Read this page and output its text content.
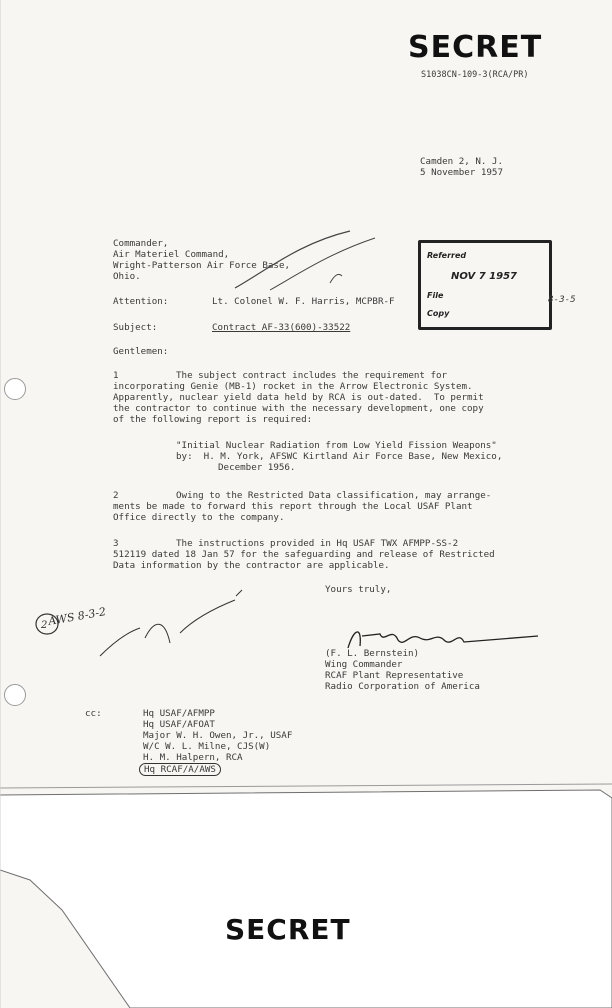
SECRET
S1038CN-109-3(RCA/PR)
Camden 2, N. J.
5 November 1957
Commander,
Air Materiel Command,
Wright-Patterson Air Force Base,
Ohio.
Attention:	Lt. Colonel W. F. Harris, MCPBR-F
Subject:	Contract AF-33(600)-33522
Gentlemen:
Referred
NOV 7 1957
File
Copy
8-3-5
1	The subject contract includes the requirement for
incorporating Genie (MB-1) rocket in the Arrow Electronic System.
Apparently, nuclear yield data held by RCA is out-dated.  To permit
the contractor to continue with the necessary development, one copy
of the following report is required:
"Initial Nuclear Radiation from Low Yield Fission Weapons"
by:  H. M. York, AFSWC Kirtland Air Force Base, New Mexico,
December 1956.
2	Owing to the Restricted Data classification, may arrange-
ments be made to forward this report through the Local USAF Plant
Office directly to the company.
3	The instructions provided in Hq USAF TWX AFMPP-SS-2
512119 dated 18 Jan 57 for the safeguarding and release of Restricted
Data information by the contractor are applicable.
Yours truly,
2 AWS 8-3-2
(F. L. Bernstein)
Wing Commander
RCAF Plant Representative
Radio Corporation of America
cc:	Hq USAF/AFMPP
Hq USAF/AFOAT
Major W. H. Owen, Jr., USAF
W/C W. L. Milne, CJS(W)
H. M. Halpern, RCA
Hq RCAF/A/AWS
SECRET
